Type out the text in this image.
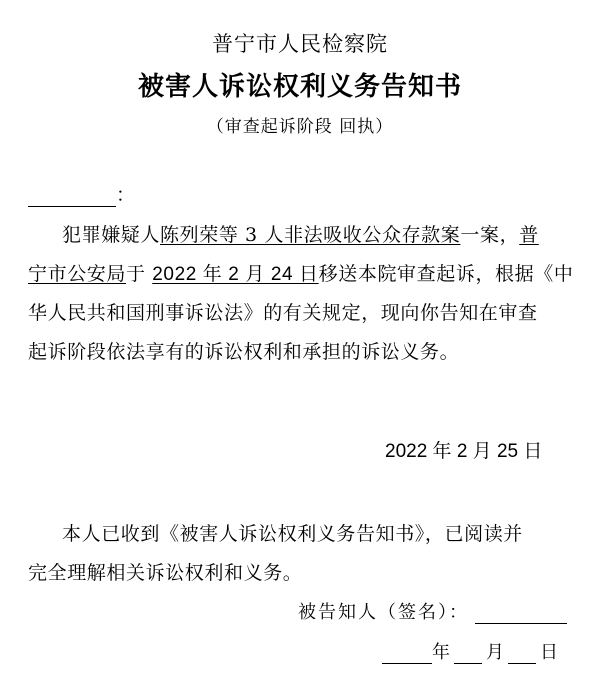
普宁市人民检察院
被害人诉讼权利义务告知书
（审查起诉阶段 回执）
：
犯罪嫌疑人陈列荣等 3 人非法吸收公众存款案一案，普
宁市公安局于 2022 年 2 月 24 日移送本院审查起诉，根据《中
华人民共和国刑事诉讼法》的有关规定，现向你告知在审查
起诉阶段依法享有的诉讼权利和承担的诉讼义务。
2022 年 2 月 25 日
本人已收到《被害人诉讼权利义务告知书》，已阅读并
完全理解相关诉讼权利和义务。
被告知人（签名）：
年 月 日
